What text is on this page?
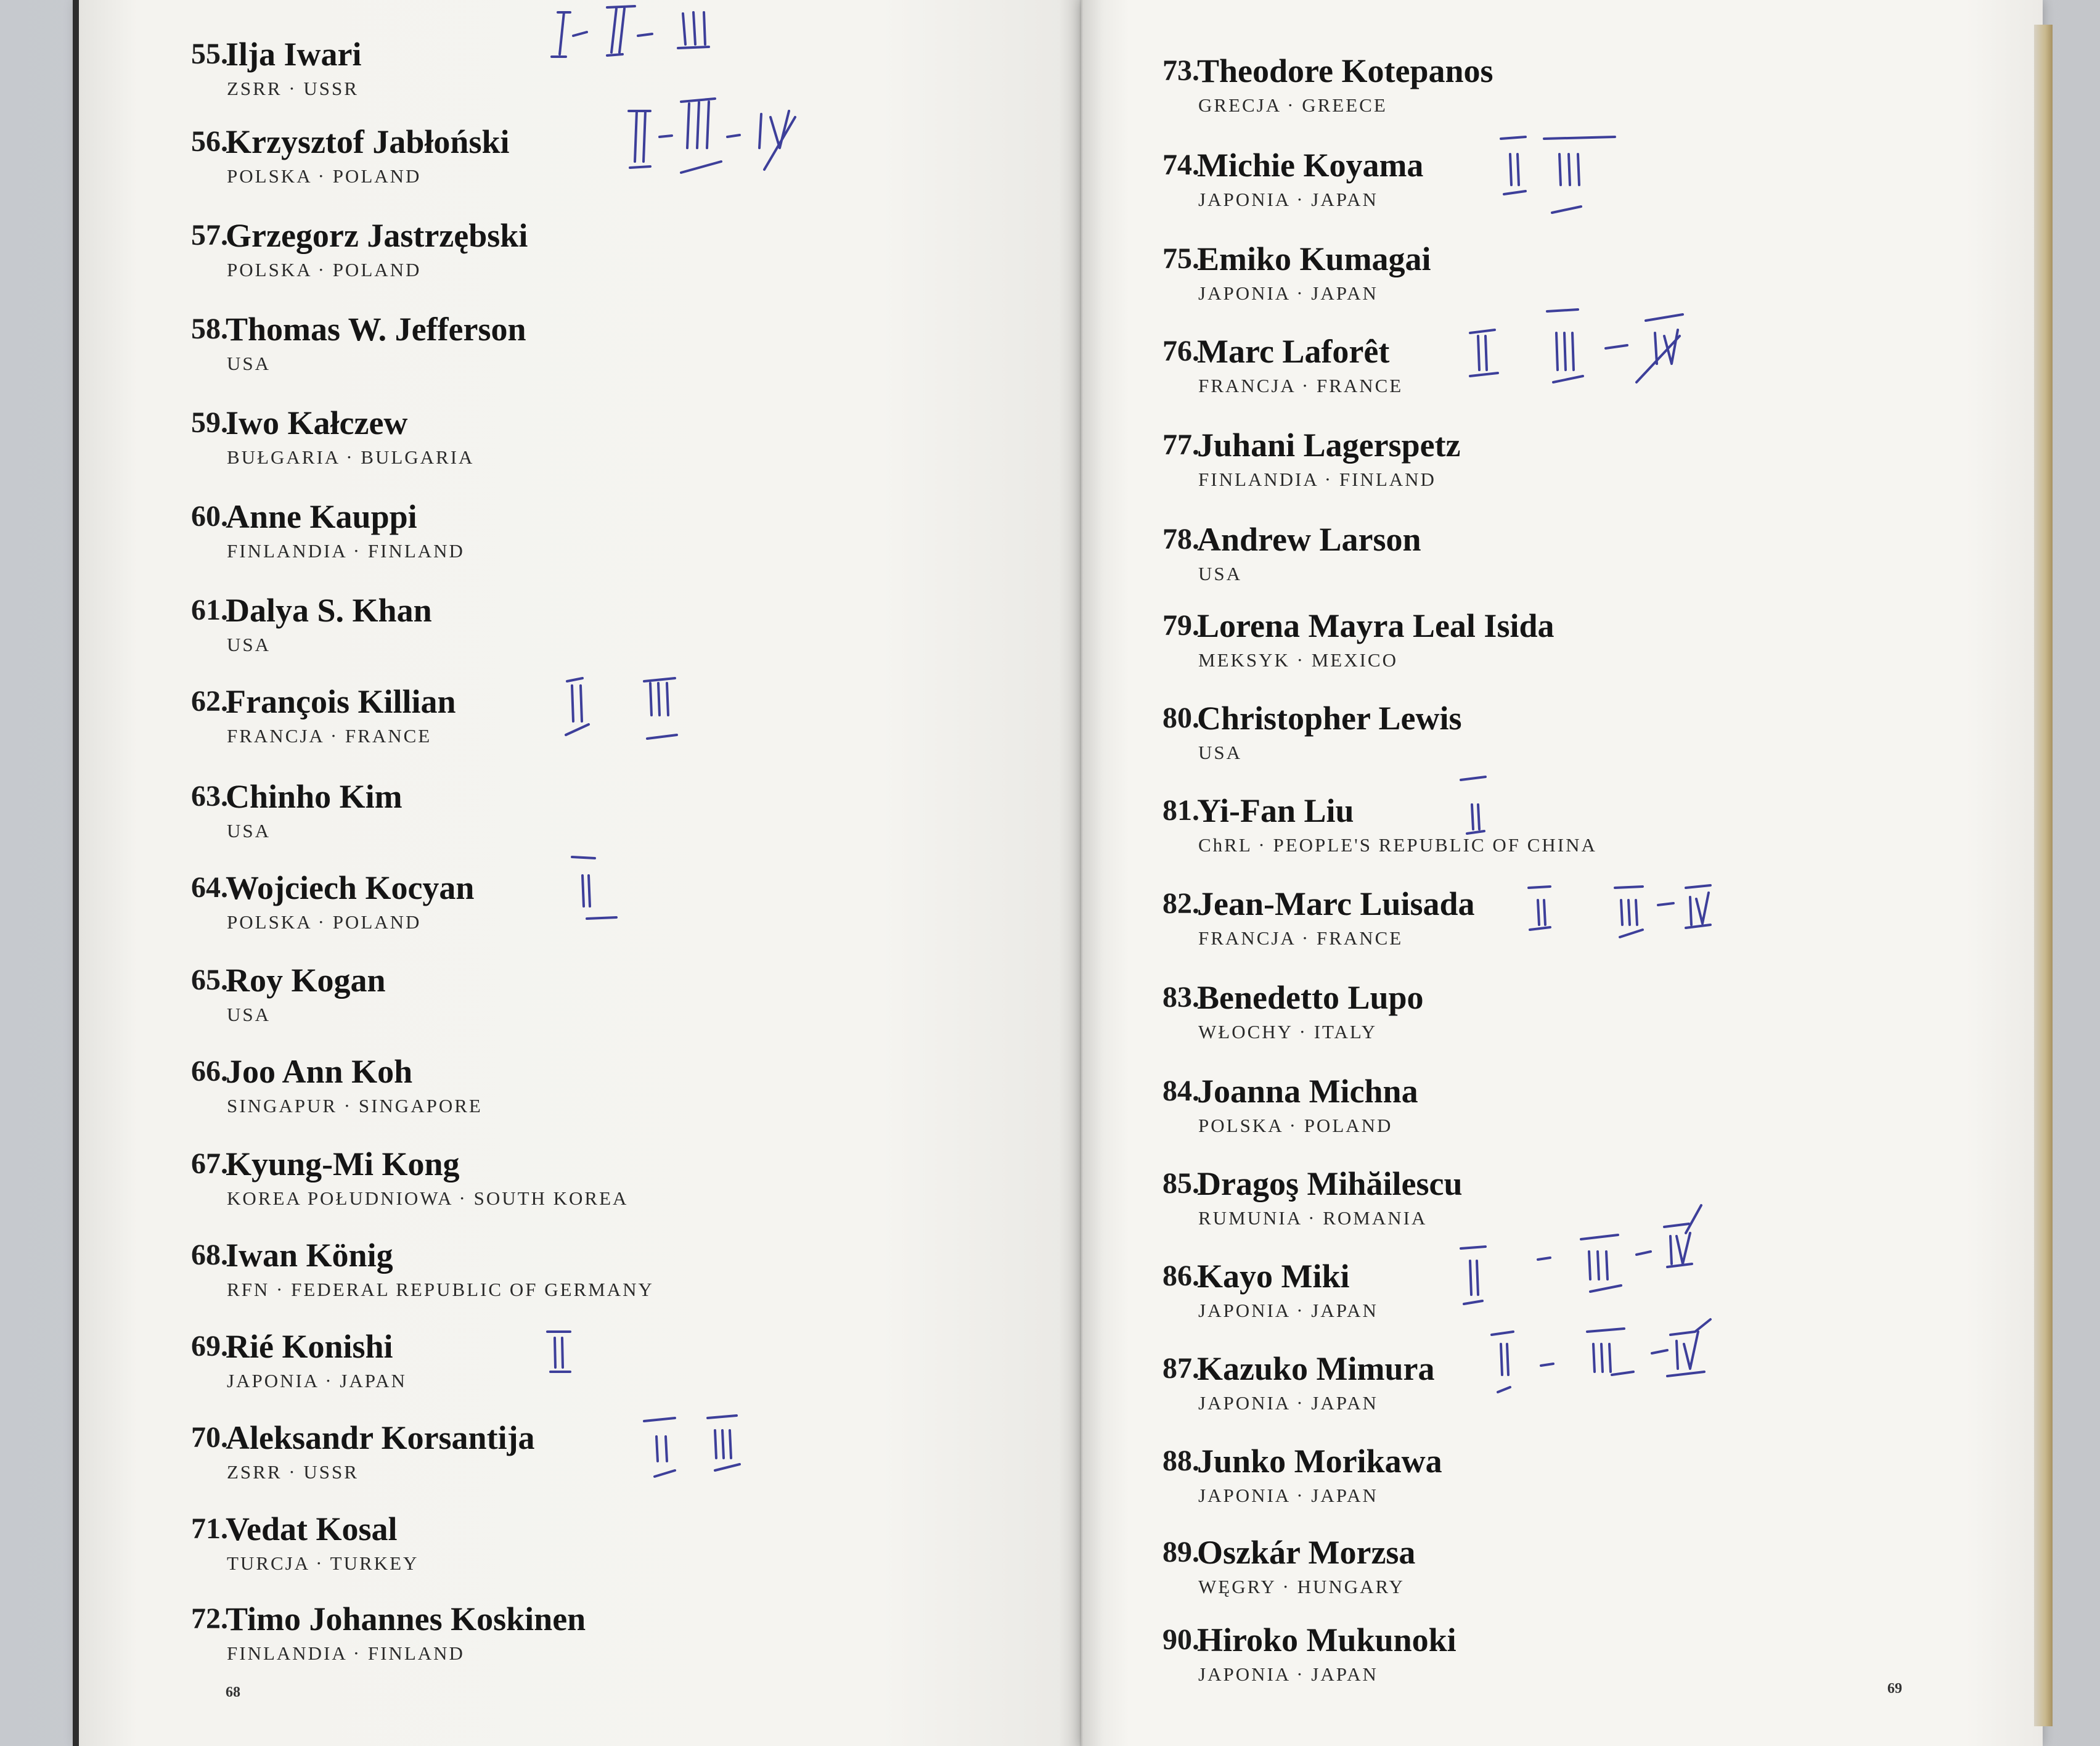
55.
Ilja Iwari
ZSRR · USSR
56.
Krzysztof Jabłoński
POLSKA · POLAND
57.
Grzegorz Jastrzębski
POLSKA · POLAND
58.
Thomas W. Jefferson
USA
59.
Iwo Kałczew
BUŁGARIA · BULGARIA
60.
Anne Kauppi
FINLANDIA · FINLAND
61.
Dalya S. Khan
USA
62.
François Killian
FRANCJA · FRANCE
63.
Chinho Kim
USA
64.
Wojciech Kocyan
POLSKA · POLAND
65.
Roy Kogan
USA
66.
Joo Ann Koh
SINGAPUR · SINGAPORE
67.
Kyung-Mi Kong
KOREA POŁUDNIOWA · SOUTH KOREA
68.
Iwan König
RFN · FEDERAL REPUBLIC OF GERMANY
69.
Rié Konishi
JAPONIA · JAPAN
70.
Aleksandr Korsantija
ZSRR · USSR
71.
Vedat Kosal
TURCJA · TURKEY
72.
Timo Johannes Koskinen
FINLANDIA · FINLAND
73.
Theodore Kotepanos
GRECJA · GREECE
74.
Michie Koyama
JAPONIA · JAPAN
75.
Emiko Kumagai
JAPONIA · JAPAN
76.
Marc Laforêt
FRANCJA · FRANCE
77.
Juhani Lagerspetz
FINLANDIA · FINLAND
78.
Andrew Larson
USA
79.
Lorena Mayra Leal Isida
MEKSYK · MEXICO
80.
Christopher Lewis
USA
81.
Yi-Fan Liu
ChRL · PEOPLE'S REPUBLIC OF CHINA
82.
Jean-Marc Luisada
FRANCJA · FRANCE
83.
Benedetto Lupo
WŁOCHY · ITALY
84.
Joanna Michna
POLSKA · POLAND
85.
Dragoş Mihăilescu
RUMUNIA · ROMANIA
86.
Kayo Miki
JAPONIA · JAPAN
87.
Kazuko Mimura
JAPONIA · JAPAN
88.
Junko Morikawa
JAPONIA · JAPAN
89.
Oszkár Morzsa
WĘGRY · HUNGARY
90.
Hiroko Mukunoki
JAPONIA · JAPAN
68	69
